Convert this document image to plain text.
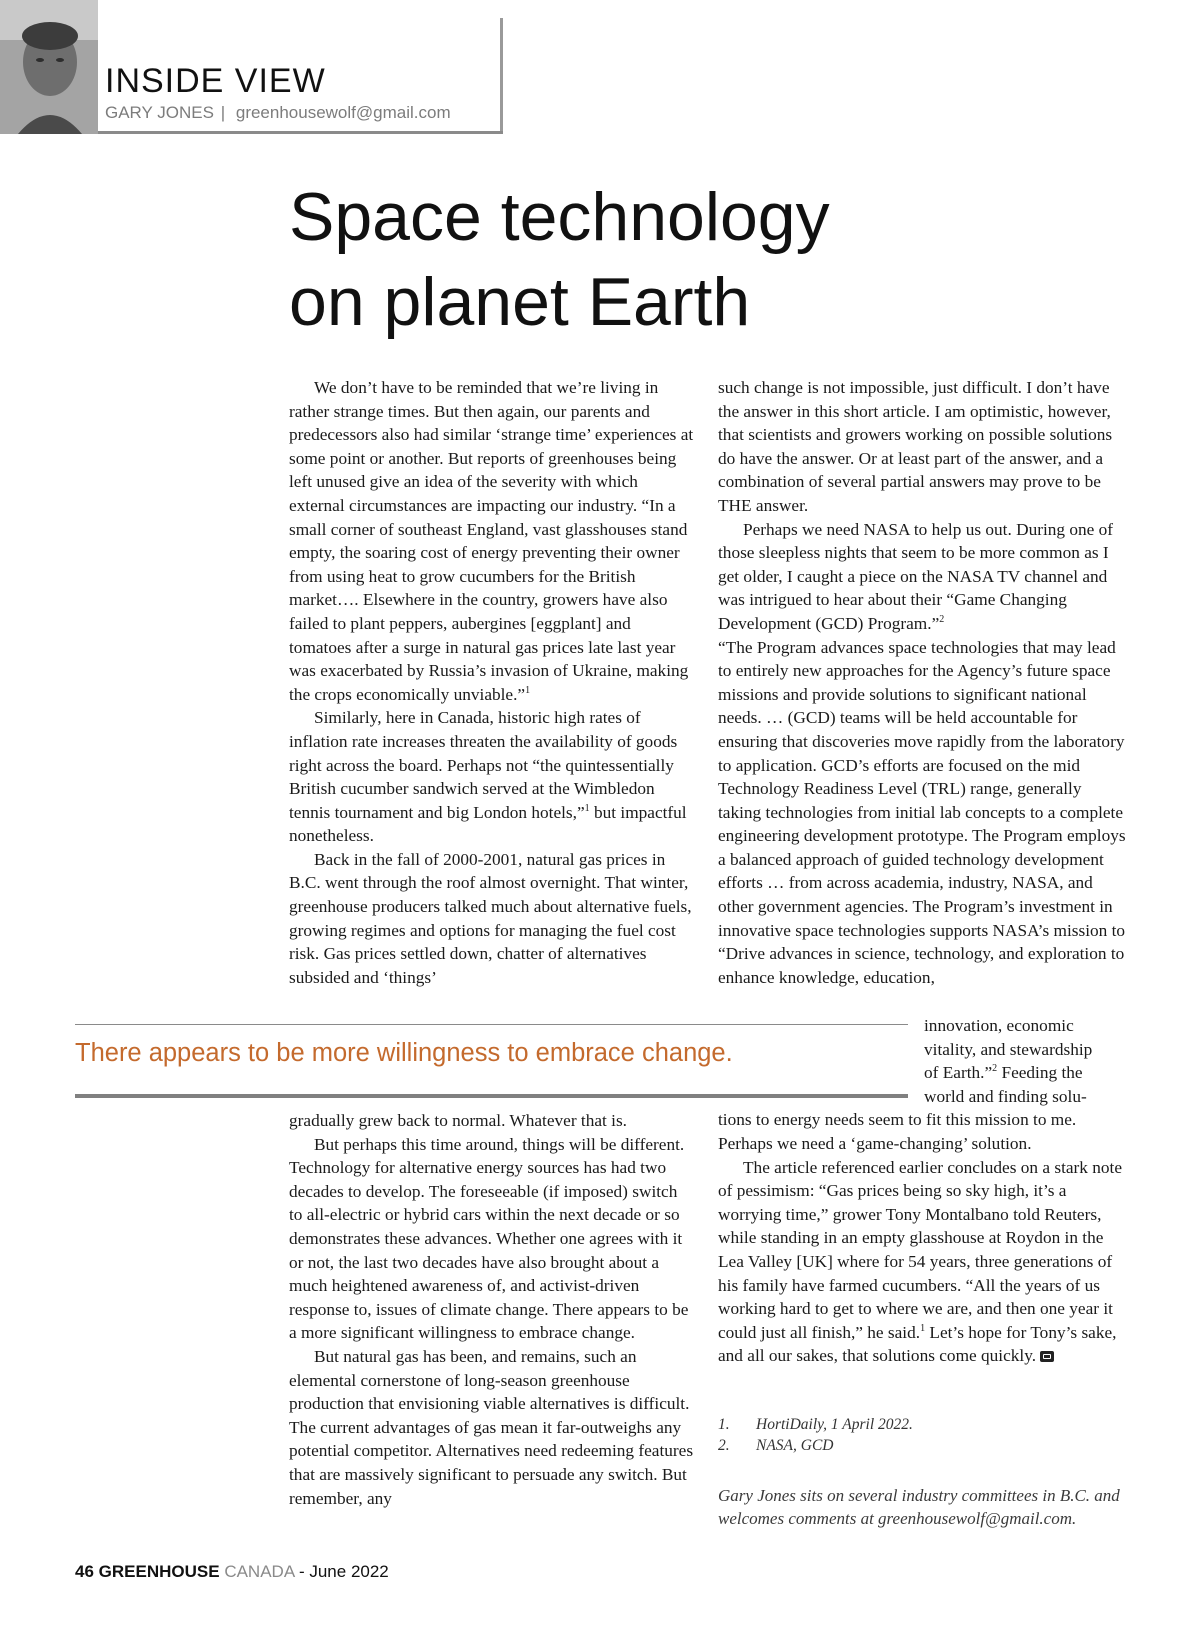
INSIDE VIEW
GARY JONES | greenhousewolf@gmail.com
Space technology
on planet Earth

We don’t have to be reminded that we’re living in rather strange times. But then again, our parents and predecessors also had similar ‘strange time’ experiences at some point or another. But reports of greenhouses being left unused give an idea of the severity with which external circumstances are impacting our industry. “In a small corner of southeast England, vast glasshouses stand empty, the soaring cost of energy preventing their owner from using heat to grow cucumbers for the British market…. Elsewhere in the country, growers have also failed to plant peppers, aubergines [eggplant] and tomatoes after a surge in natural gas prices late last year was exacerbated by Russia’s invasion of Ukraine, making the crops economically unviable.”$^1$

Similarly, here in Canada, historic high rates of inflation rate increases threaten the availability of goods right across the board. Perhaps not “the quintessentially British cucumber sandwich served at the Wimbledon tennis tournament and big London hotels,”$^1$ but impactful nonetheless.

Back in the fall of 2000-2001, natural gas prices in B.C. went through the roof almost overnight. That winter, greenhouse producers talked much about alternative fuels, growing regimes and options for managing the fuel cost risk. Gas prices settled down, chatter of alternatives subsided and ‘things’

such change is not impossible, just difficult. I don’t have the answer in this short article. I am optimistic, however, that scientists and growers working on possible solutions do have the answer. Or at least part of the answer, and a combination of several partial answers may prove to be THE answer.

Perhaps we need NASA to help us out. During one of those sleepless nights that seem to be more common as I get older, I caught a piece on the NASA TV channel and was intrigued to hear about their “Game Changing Development (GCD) Program.”$^2$

“The Program advances space technologies that may lead to entirely new approaches for the Agency’s future space missions and provide solutions to significant national needs. … (GCD) teams will be held accountable for ensuring that discoveries move rapidly from the laboratory to application. GCD’s efforts are focused on the mid Technology Readiness Level (TRL) range, generally taking technologies from initial lab concepts to a complete engineering development prototype. The Program employs a balanced approach of guided technology development efforts … from across academia, industry, NASA, and other government agencies. The Program’s investment in innovative space technologies supports NASA’s mission to “Drive advances in science, technology, and exploration to enhance knowledge, education,

There appears to be more willingness to embrace change.
innovation, economic
vitality, and stewardship
of Earth.”$^2$ Feeding the
world and finding solu-

tions to energy needs seem to fit this mission to me. Perhaps we need a ‘game-changing’ solution.

The article referenced earlier concludes on a stark note of pessimism: “Gas prices being so sky high, it’s a worrying time,” grower Tony Montalbano told Reuters, while standing in an empty glasshouse at Roydon in the Lea Valley [UK] where for 54 years, three generations of his family have farmed cucumbers. “All the years of us working hard to get to where we are, and then one year it could just all finish,” he said.$^1$ Let’s hope for Tony’s sake, and all our sakes, that solutions come quickly.

gradually grew back to normal. Whatever that is.

But perhaps this time around, things will be different. Technology for alternative energy sources has had two decades to develop. The foreseeable (if imposed) switch to all-electric or hybrid cars within the next decade or so demonstrates these advances. Whether one agrees with it or not, the last two decades have also brought about a much heightened awareness of, and activist-driven response to, issues of climate change. There appears to be a more significant willingness to embrace change.

But natural gas has been, and remains, such an elemental cornerstone of long-season greenhouse production that envisioning viable alternatives is difficult. The current advantages of gas mean it far-outweighs any potential competitor. Alternatives need redeeming features that are massively significant to persuade any switch. But remember, any

1. HortiDaily, 1 April 2022.
2. NASA, GCD
Gary Jones sits on several industry committees in B.C. and welcomes comments at greenhousewolf@gmail.com.
46 GREENHOUSE CANADA - June 2022
